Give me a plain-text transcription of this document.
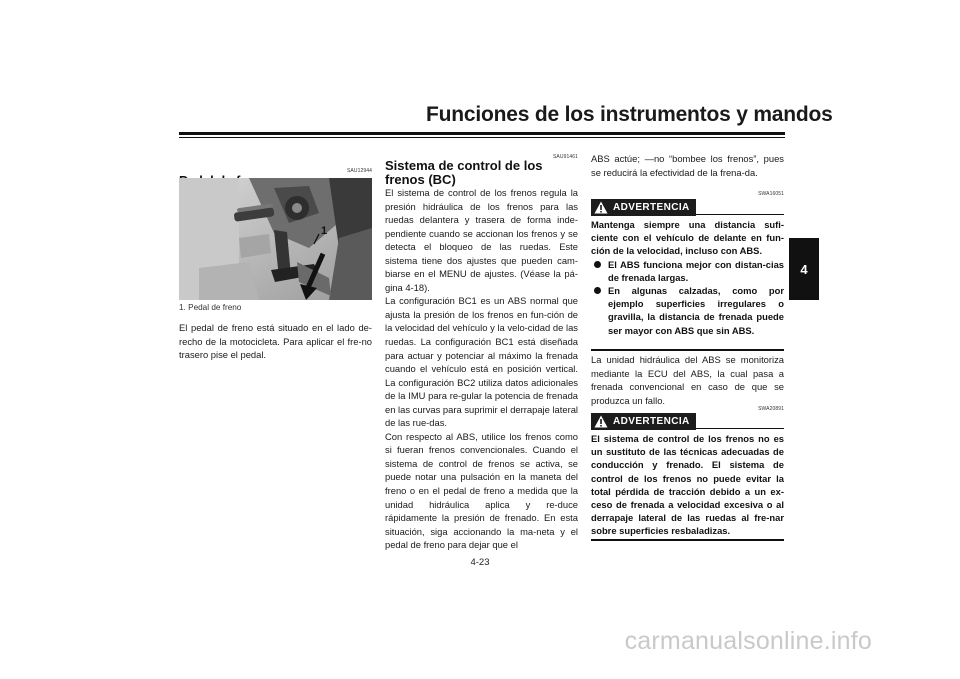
Funciones de los instrumentos y mandos
4
SAU12944
1
1. Pedal de freno

El pedal de freno está situado en el lado de-recho de la motocicleta. Para aplicar el fre-no trasero pise el pedal.

SAU91461
Sistema de control de los frenos (BC)

El sistema de control de los frenos regula la presión hidráulica de los frenos para las ruedas delantera y trasera de forma inde-pendiente cuando se accionan los frenos y se detecta el bloqueo de las ruedas. Este sistema tiene dos ajustes que pueden cam-biarse en el MENU de ajustes. (Véase la pá-gina 4-18).

La configuración BC1 es un ABS normal que ajusta la presión de los frenos en fun-ción de la velocidad del vehículo y la velo-cidad de las ruedas. La configuración BC1 está diseñada para actuar y potenciar al máximo la frenada cuando el vehículo está en posición vertical. La configuración BC2 utiliza datos adicionales de la IMU para re-gular la potencia de frenada en las curvas para suprimir el derrapaje lateral de las rue-das.

Con respecto al ABS, utilice los frenos como si fueran frenos convencionales. Cuando el sistema de control de frenos se activa, se puede notar una pulsación en la maneta del freno o en el pedal de freno a medida que la unidad hidráulica aplica y re-duce rápidamente la presión de frenado. En esta situación, siga accionando la ma-neta y el pedal de freno para dejar que el

ABS actúe; —no “bombee los frenos”, pues se reducirá la efectividad de la frena-da.

SWA16051
ADVERTENCIA

Mantenga siempre una distancia sufi-ciente con el vehículo de delante en fun-ción de la velocidad, incluso con ABS.

El ABS funciona mejor con distan-cias de frenada largas.
En algunas calzadas, como por ejemplo superficies irregulares o gravilla, la distancia de frenada puede ser mayor con ABS que sin ABS.

La unidad hidráulica del ABS se monitoriza mediante la ECU del ABS, la cual pasa a frenada convencional en caso de que se produzca un fallo.

SWA20891
ADVERTENCIA

El sistema de control de los frenos no es un sustituto de las técnicas adecuadas de conducción y frenado. El sistema de control de los frenos no puede evitar la total pérdida de tracción debido a un ex-ceso de frenada a velocidad excesiva o al derrapaje lateral de las ruedas al fre-nar sobre superficies resbaladizas.

4-23
carmanualsonline.info
